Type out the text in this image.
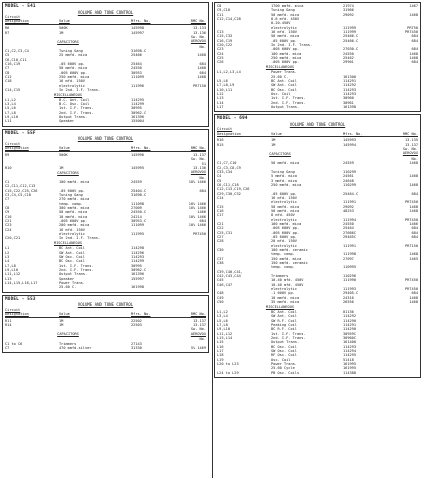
MODEL - 541
VOLUME AND TONE CONTROL
Circuit
Designation	Value	Mfrs. No.	RMC No.
R6	500K	145998	13-133
R7	1M	145997	13-136
Sw. No.
CAPACITORS	AEROVOX
No.
C1,C2,C3,C4	Tuning Gang	31698-C
C5	25 mmfd. mica	25466	1468
C6,C10,C11
C16,C19	.05 600V pp.	25464	684
C7	50 mmfd. mica	24550	1468
C8	.005 600V pp.	30953	684
C12	250 mmfd. mica	111099	1468
C18	16 mfd. 150V
electrolytic	111996	PRT150
C14,C15	In 2nd. I.F. Trans.
MISCELLANEOUS
L1,L2	B.C. Ant. Coil	114295
L3,L4	B.C. Osc. Coil	114299
L5,L6	1st. I.F. Trans.	30995
L7,L8	2nd. I.F. Trans.	30962-C
L9,L10	Output Trans.	161396
L11	Speaker	155004
MODEL - 55F
VOLUME AND TONE CONTROL
Circuit
Designation	Value	Mfrs. No.	RMC No.
R9	500K	145996	13-137
Sw. No.
51
R10	1M	145995	13-136
CAPACITORS	AEROVOX
No.
C1	100 mmfd. mica	24559	10% 1466
C2,C11,C12,C13
C15,C22,C25,C26	.05 600V pp.	25404-C	684
C3,C4,C5,C10	Tuning Gang	31698-C
C7	270 mmfd. mica
temp. comp.	111098	10% 1466
C8	300 mmfd. mica	27009	10% 1466
C9	50 mmfd. mica	24550-C	1466
C16	10 mmfd. mica	24214	10% 1466
C21	.005 600V pp.	30953-C	684
C23	200 mmfd. mica	111099	10% 1466
C24	16 mfd. 150V
electrolytic	111995	PRT450
C20,C21	In 2nd. I.F. Trans.
MISCELLANEOUS
L1	BC Ant. Coil	114298
L2	SW Ant. Coil	114296
L3	SW Osc. Coil	114293
L4	BC Osc. Coil	114299
L7,L8	1st. I.F. Trans.	30995
L9,L10	2nd. I.F. Trans.	30962-C
L11,L12	Output Trans.	161396
L13	Speaker	155997
L14,L15,L16,L17	Power Trans.
25-60 C.	161998
MODEL - 553
VOLUME AND TONE CONTROL
Circuit
Designation	Value	Mfrs. No.	RMC No.
R11	1M	22502	13-137
R14	1M	22503	13-137
Sw. No.
CAPACITORS	AEROVOX
No.
C1 to C6	Trimmers	27143
C7	470 mmfd.silver	31330	5% 1469
C8	1700 mmfd. mica	21974	1467
C9,C10	Tuning Gang	31966
C11	50 mmfd. mica	29092	1468
C12,C14,C28	8-8 mfd. 450V
8-20-450V
electrolytic	111999	PRT50
C13	16 mfd. 150V	111999	PRT450
C15,C33	50 mmfd. mica	25466-C	684
C16,C19	.05 600V pp.	25466-C	684
C20,C22	In 2nd. I.F. Trans.
C23	.005 600V pp.	27030-C	684
C24	100 mmfd. mica	24550	1468
C25	250 mmfd. mica	25462	1468
C26	.005 600V pp.	29901	684
MISCELLANEOUS
L1,L2,L3,L4	Power Trans.
25-60 C.	161300
L5,L6	BC Ant. Coil	114291
L7,L8,L9	SW Ant. Coil	114292
L10,L11	BC Osc. Coil	114293
L12	Osc. Coil	114293
L13	1st. I.F. Trans.	30960
L14	2nd. I.F. Trans.	30961
L17	Output Trans.	161398
MODEL - 694
VOLUME AND TONE CONTROL
Circuit
Designation	Value	Mfrs. No.	RMC No.
R16	1M	145993	13-135
R15	1M	145994	13-137
Sw. No.
CAPACITORS	AEROVOX
No.
C1,C7,C10	50 mmfd. mica	24559	1468
C2,C3,C8,C9
C33,C34	Tuning Gang	110299
C4	5 mmfd. mica	24561	1468
C5	3 mmfd. mica	24648
C6,C11,C18	250 mmfd. mica	110299	1468
C12,C13,C19,C26
C29,C30,C32	.05 600V pp.	25464-C	684
C14	16 mfd. 150V
electrolytic	111991	PRT450
C15	50 mmfd. mica	29092	1468
C16	50 mmfd. mica	48253	1468
C17	8 mfd. 450V
electrolytic	111994	PRT450
C21	100 mmfd. mica	24550	1466
C22	.005 600V pp.	25464	684
C25,C31	.005 600V pp.	27666C	684
C27	.05 600V pp.	29465C	684
C28	20 mfd. 150V
electrolytic	111991	PRT150
C30	100 mmfd. ceramic
temp. comp.	111998	1468
C37	150 mmfd. mica	27097	1465
C38	150 mmfd. ceramic
temp. comp.	110995
C39,C40,C41,
C42,C43,C44	Trimmers	110296
C45	10-40 mfd. 450V	111990	PRT450
C46,C47	10-40 mfd. 450V
electrolytic	111993	PRT450
C48	.1 600V pp.	29405-C	684
C49	10 mmfd. mica	24316	1468
C50	35 mmfd. mica	26556	1468
MISCELLANEOUS
L1,L2	BC Ant. Coil	01136
L3,L4	SW Ant. Coil	114292
L5,L6	SW R.F. Coil	114290
L7,L8	Peaking Coil	114291
L9,L10	BC R.F. Coil	114290
L11,L12	1st. I.F. Trans.	30959C
L13,L14	2nd. I.F. Trans.	30960C
L15	Output Trans.	161400
L16	BC Osc. Coil	114293
L17	SW Osc. Coil	114294
L18	RF Osc. Coil	114295
L19	Osc. Coil	51418
L20 to L23	Power Trans.	161995
25-60 Cycle	161995
L24 to L29	PB Osc. Coils	114388
